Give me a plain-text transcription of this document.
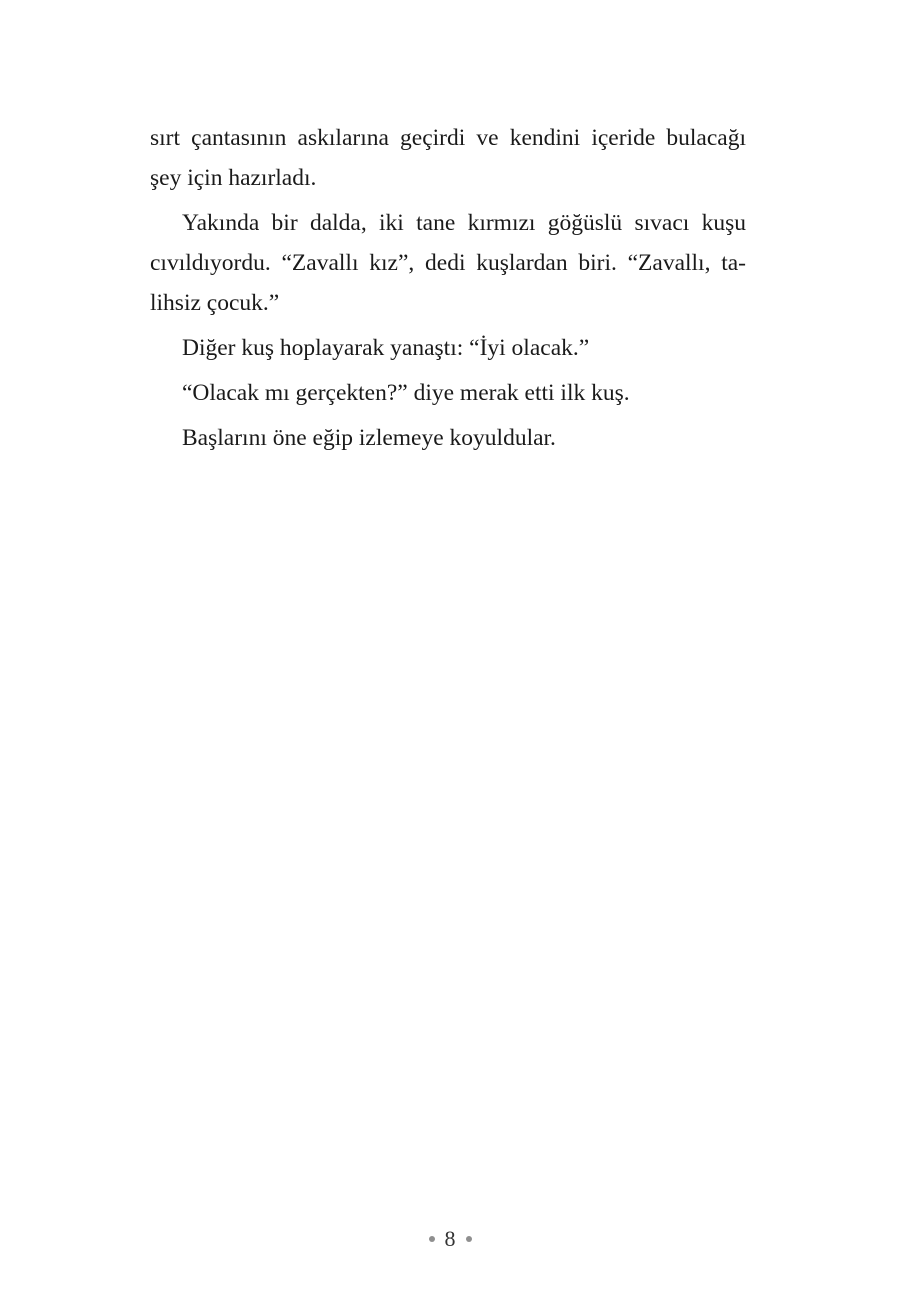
sırt çantasının askılarına geçirdi ve kendini içeride bulacağı
şey için hazırladı.
Yakında bir dalda, iki tane kırmızı göğüslü sıvacı kuşu
cıvıldıyordu. “Zavallı kız”, dedi kuşlardan biri. “Zavallı, ta-
lihsiz çocuk.”
Diğer kuş hoplayarak yanaştı: “İyi olacak.”
“Olacak mı gerçekten?” diye merak etti ilk kuş.
Başlarını öne eğip izlemeye koyuldular.
8
